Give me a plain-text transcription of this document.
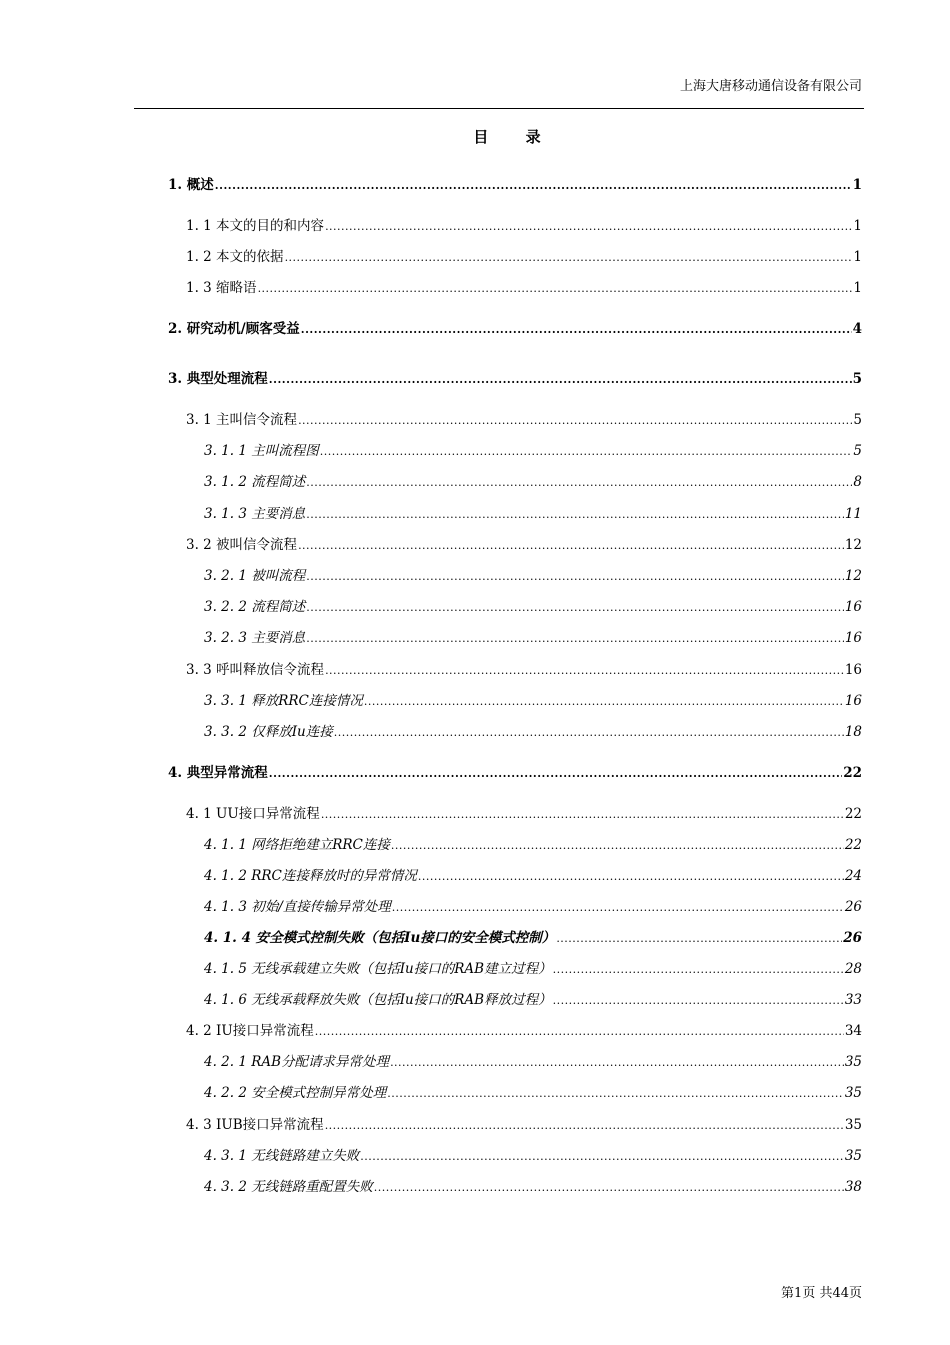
上海大唐移动通信设备有限公司
目 录
1. 概述 .....	1
1. 1 本文的目的和内容 .....	1
1. 2 本文的依据 .....	1
1. 3 缩略语 .....	1
2. 研究动机/顾客受益 .....	4
3. 典型处理流程 .....	5
3. 1 主叫信令流程 .....	5
3. 1. 1 主叫流程图 .....	5
3. 1. 2 流程简述 .....	8
3. 1. 3 主要消息 .....	11
3. 2 被叫信令流程 .....	12
3. 2. 1 被叫流程 .....	12
3. 2. 2 流程简述 .....	16
3. 2. 3 主要消息 .....	16
3. 3 呼叫释放信令流程 .....	16
3. 3. 1 释放RRC连接情况 .....	16
3. 3. 2 仅释放Iu连接 .....	18
4. 典型异常流程 .....	22
4. 1 UU接口异常流程 .....	22
4. 1. 1 网络拒绝建立RRC连接 .....	22
4. 1. 2 RRC连接释放时的异常情况 .....	24
4. 1. 3 初始/直接传输异常处理 .....	26
4. 1. 4 安全模式控制失败（包括Iu接口的安全模式控制） .....	26
4. 1. 5 无线承载建立失败（包括Iu接口的RAB建立过程） .....	28
4. 1. 6 无线承载释放失败（包括Iu接口的RAB释放过程） .....	33
4. 2 IU接口异常流程 .....	34
4. 2. 1 RAB分配请求异常处理 .....	35
4. 2. 2 安全模式控制异常处理 .....	35
4. 3 IUB接口异常流程 .....	35
4. 3. 1 无线链路建立失败 .....	35
4. 3. 2 无线链路重配置失败 .....	38
第1页 共44页
